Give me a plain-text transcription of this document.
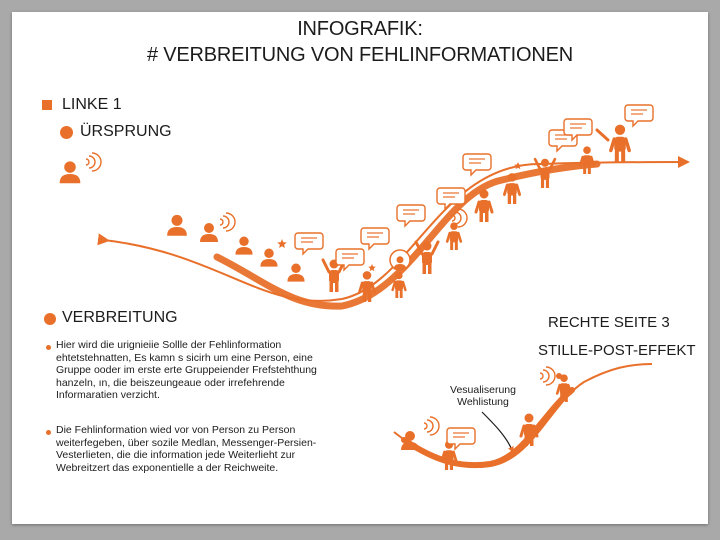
INFOGRAFIK:
# VERBREITUNG VON FEHLINFORMATIONEN
LINKE 1
ÜRSPRUNG
VERBREITUNG
Hier wird die urignieiie Sollle der Fehlinformation ehtetstehnatten, Es kamn s sicirh um eine Person, eine Gruppe ooder im erste erte Gruppeiender Frefstehthung hanzeln, ın, die beiszeungeaue oder irrefehrende Informaratien verzicht.
Die Fehlinformation wied vor von Person zu Person weiterfegeben, über sozile Medlan, Messenger-Persien-Vesterlieten, die die information jede Weiterlieht zur Webreitzert das exponentielle a der Reichweite.
RECHTE SEITE 3
STILLE-POST-EFFEKT
Vesualiserung
Wehlistung
